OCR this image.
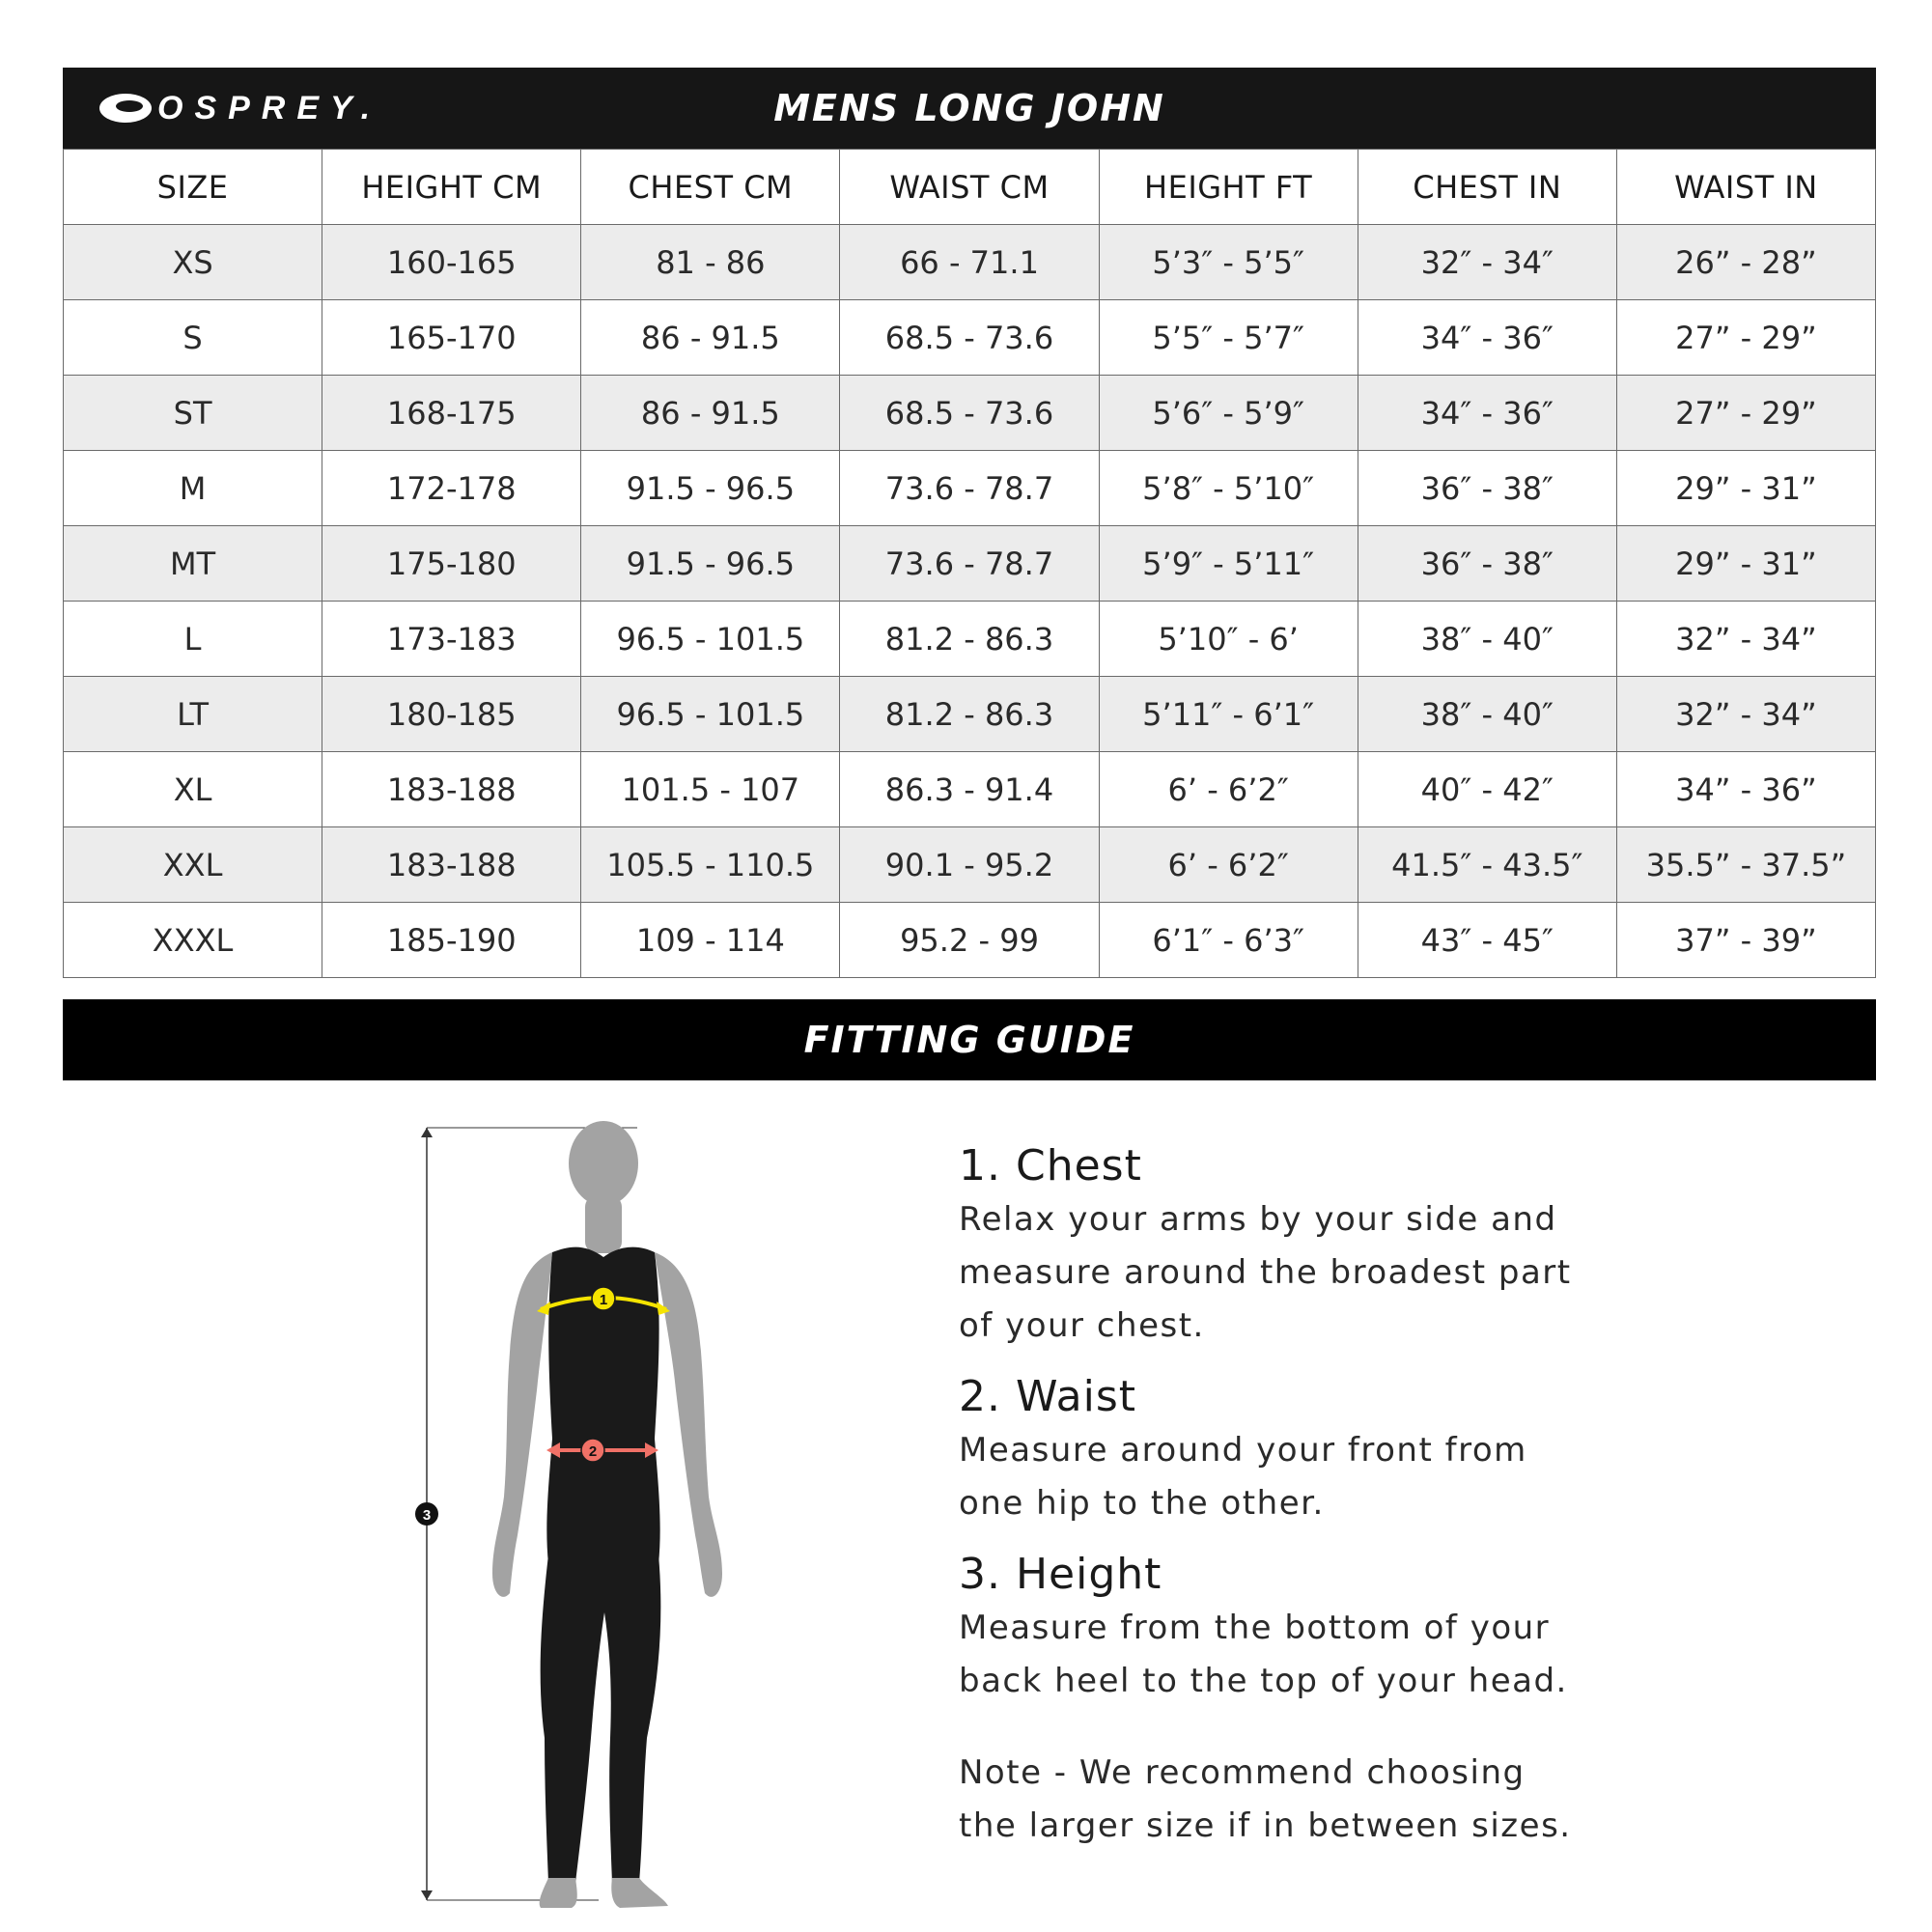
OSPREY.	MENS LONG JOHN
SIZE	HEIGHT CM	CHEST CM	WAIST CM	HEIGHT FT	CHEST IN	WAIST IN
XS	160-165	81 - 86	66 - 71.1	5’3″ - 5’5″	32″ - 34″	26” - 28”
S	165-170	86 - 91.5	68.5 - 73.6	5’5″ - 5’7″	34″ - 36″	27” - 29”
ST	168-175	86 - 91.5	68.5 - 73.6	5’6″ - 5’9″	34″ - 36″	27” - 29”
M	172-178	91.5 - 96.5	73.6 - 78.7	5’8″ - 5’10″	36″ - 38″	29” - 31”
MT	175-180	91.5 - 96.5	73.6 - 78.7	5’9″ - 5’11″	36″ - 38″	29” - 31”
L	173-183	96.5 - 101.5	81.2 - 86.3	5’10″ - 6’	38″ - 40″	32” - 34”
LT	180-185	96.5 - 101.5	81.2 - 86.3	5’11″ - 6’1″	38″ - 40″	32” - 34”
XL	183-188	101.5 - 107	86.3 - 91.4	6’ - 6’2″	40″ - 42″	34” - 36”
XXL	183-188	105.5 - 110.5	90.1 - 95.2	6’ - 6’2″	41.5″ - 43.5″	35.5” - 37.5”
XXXL	185-190	109 - 114	95.2 - 99	6’1″ - 6’3″	43″ - 45″	37” - 39”
FITTING GUIDE
3
1
2
1. Chest

Relax your arms by your side and

measure around the broadest part

of your chest.

2. Waist

Measure around your front from

one hip to the other.

3. Height

Measure from the bottom of your

back heel to the top of your head.

Note - We recommend choosing

the larger size if in between sizes.
